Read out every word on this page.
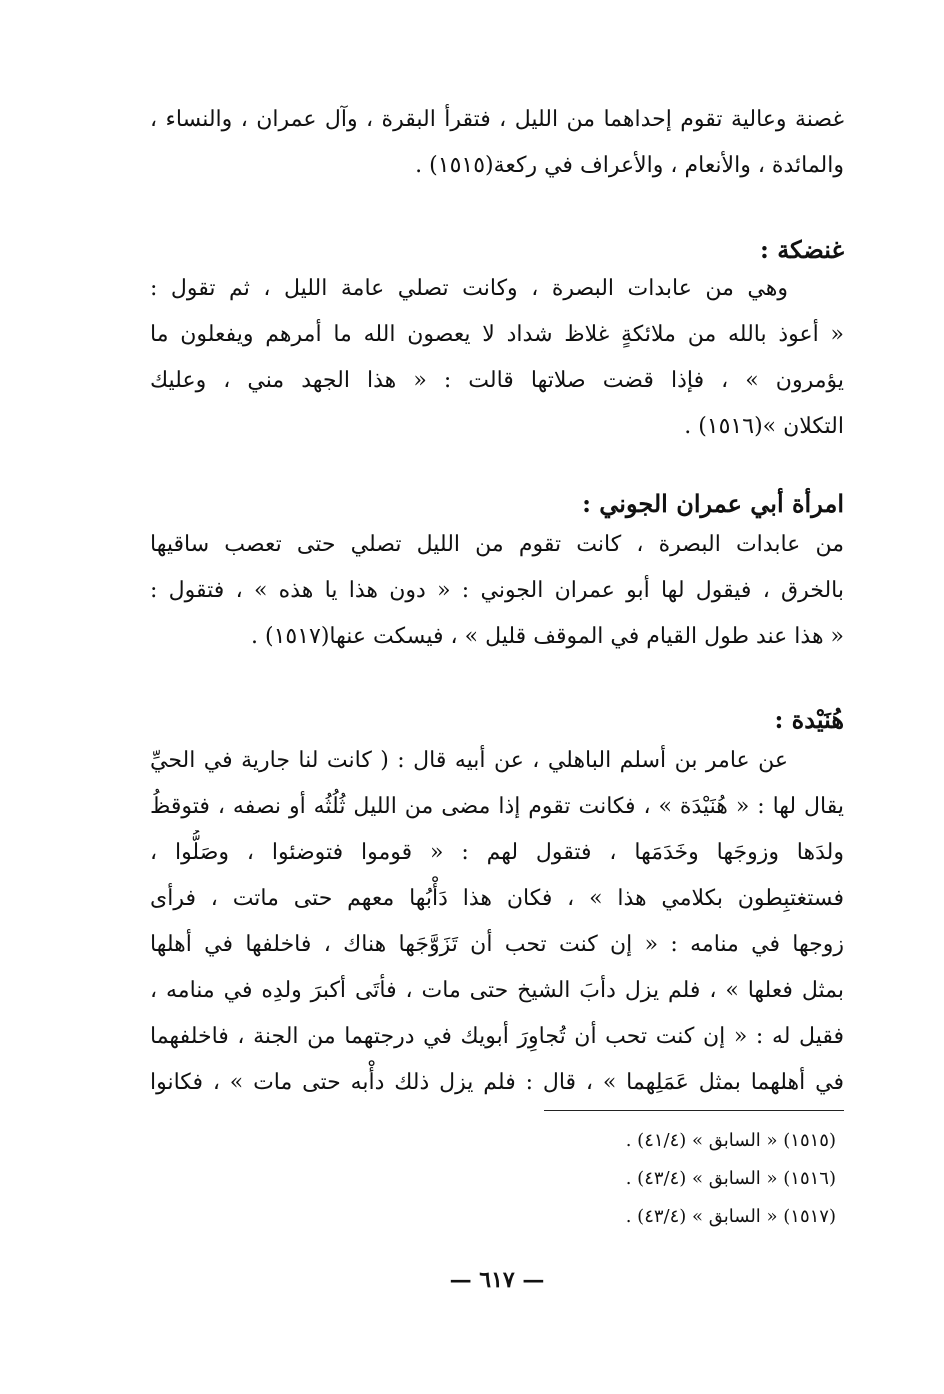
غصنة وعالية تقوم إحداهما من الليل ، فتقرأ البقرة ، وآل عمران ، والنساء ،
والمائدة ، والأنعام ، والأعراف في ركعة(١٥١٥) .
غنضكة :
وهي من عابدات البصرة ، وكانت تصلي عامة الليل ، ثم تقول :
« أعوذ بالله من ملائكةٍ غلاظ شداد لا يعصون الله ما أمرهم ويفعلون ما
يؤمرون » ، فإذا قضت صلاتها قالت : « هذا الجهد مني ، وعليك
التكلان »(١٥١٦) .
امرأة أبي عمران الجوني :
من عابدات البصرة ، كانت تقوم من الليل تصلي حتى تعصب ساقيها
بالخرق ، فيقول لها أبو عمران الجوني : « دون هذا يا هذه » ، فتقول :
« هذا عند طول القيام في الموقف قليل » ، فيسكت عنها(١٥١٧) .
هُنَيْدة :
عن عامر بن أسلم الباهلي ، عن أبيه قال : ( كانت لنا جارية في الحيِّ
يقال لها : « هُنَيْدَة » ، فكانت تقوم إذا مضى من الليل ثُلُثُه أو نصفه ، فتوقظُ
ولدَها وزوجَها وخَدَمَها ، فتقول لهم : « قوموا فتوضئوا ، وصَلُّوا ،
فستغتبِطون بكلامي هذا » ، فكان هذا دَأْبُها معهم حتى ماتت ، فرأى
زوجها في منامه : « إن كنت تحب أن تَزَوَّجَها هناك ، فاخلفها في أهلها
بمثل فعلها » ، فلم يزل دأبَ الشيخ حتى مات ، فأتَى أكبرَ ولدِه في منامه ،
فقيل له : « إن كنت تحب أن تُجاوِرَ أبويك في درجتهما من الجنة ، فاخلفهما
في أهلهما بمثل عَمَلِهما » ، قال : فلم يزل ذلك دأْبه حتى مات » ، فكانوا
(١٥١٥) « السابق » (٤١/٤) .
(١٥١٦) « السابق » (٤٣/٤) .
(١٥١٧) « السابق » (٤٣/٤) .
— ٦١٧ —
